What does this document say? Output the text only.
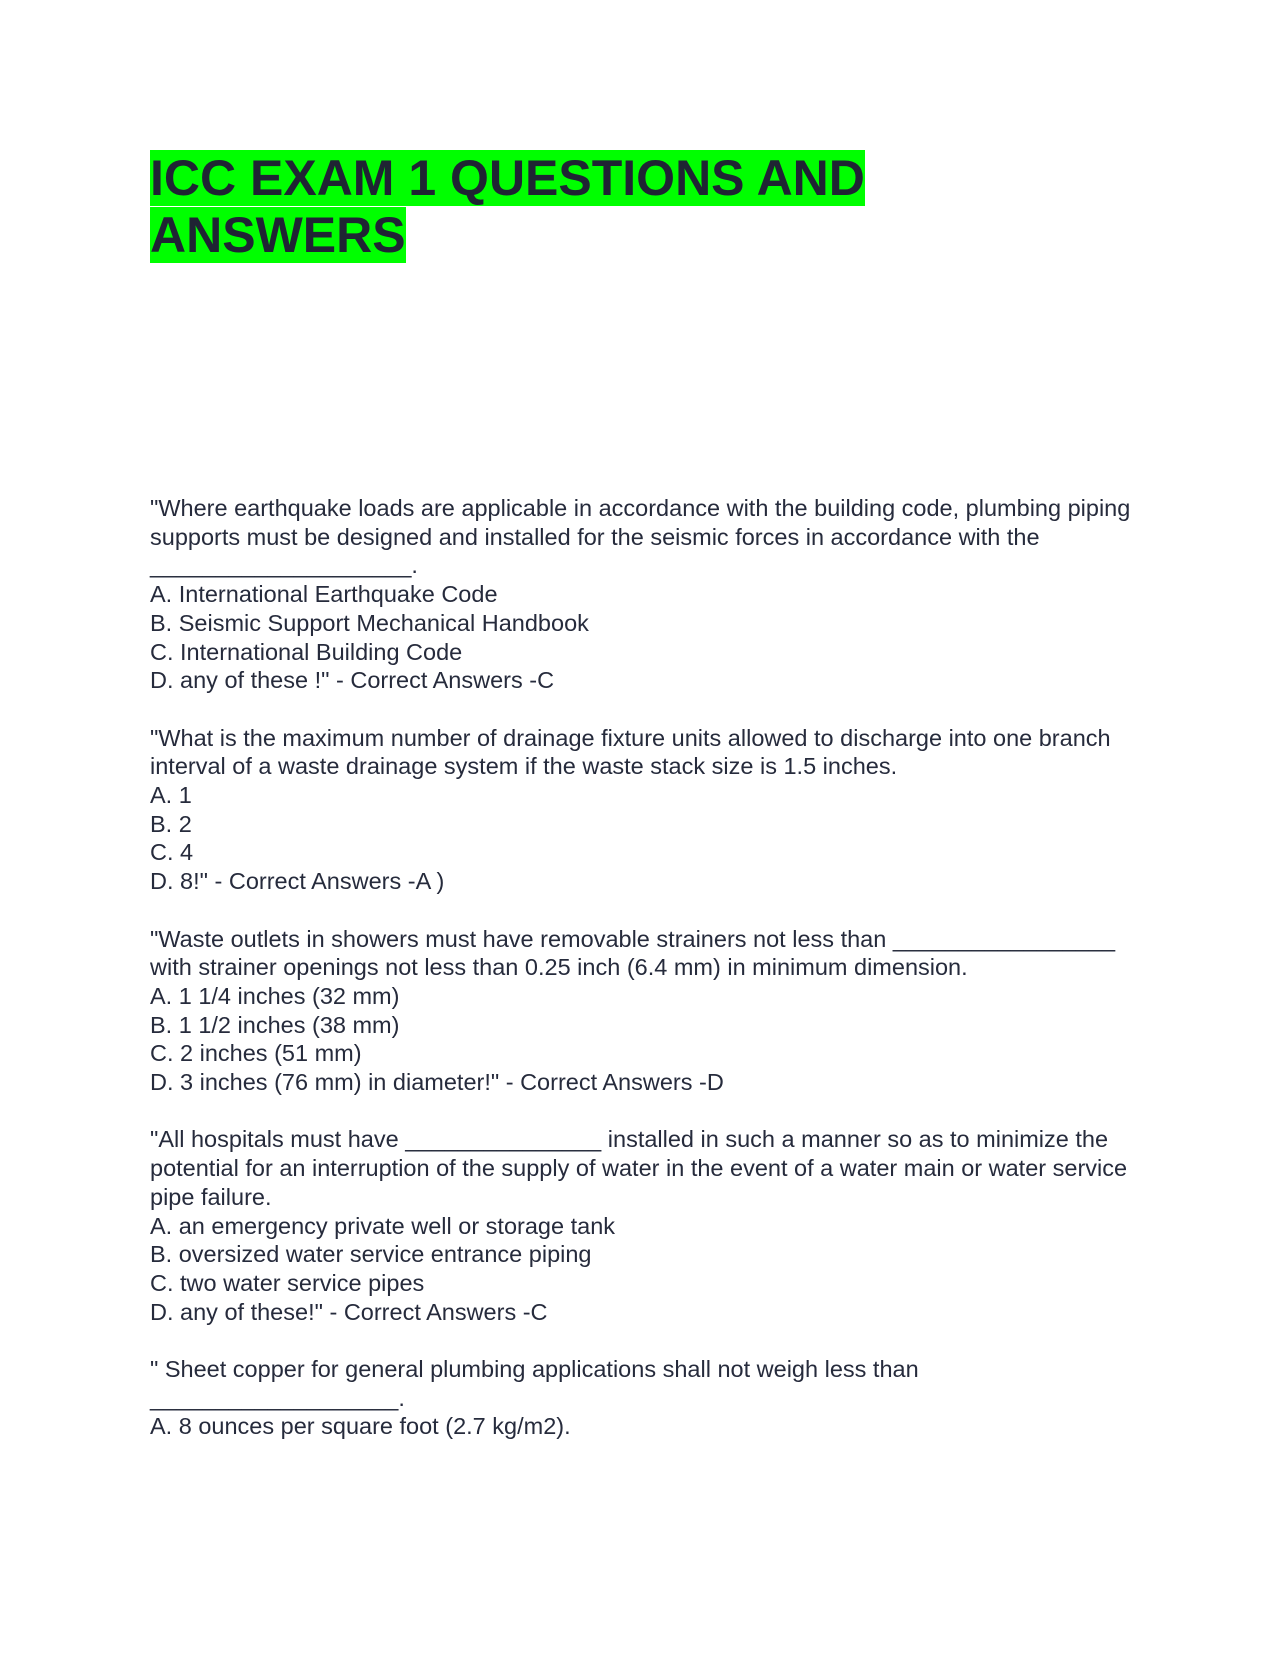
ICC EXAM 1 QUESTIONS AND
ANSWERS
"Where earthquake loads are applicable in accordance with the building code, plumbing piping supports must be designed and installed for the seismic forces in accordance with the ____________________.
A. International Earthquake Code
B. Seismic Support Mechanical Handbook
C. International Building Code
D. any of these !" - Correct Answers -C
"What is the maximum number of drainage fixture units allowed to discharge into one branch interval of a waste drainage system if the waste stack size is 1.5 inches.
A. 1
B. 2
C. 4
D. 8!" - Correct Answers -A )
"Waste outlets in showers must have removable strainers not less than _________________ with strainer openings not less than 0.25 inch (6.4 mm) in minimum dimension.
A. 1 1/4 inches (32 mm)
B. 1 1/2 inches (38 mm)
C. 2 inches (51 mm)
D. 3 inches (76 mm) in diameter!" - Correct Answers -D
"All hospitals must have _______________ installed in such a manner so as to minimize the potential for an interruption of the supply of water in the event of a water main or water service pipe failure.
A. an emergency private well or storage tank
B. oversized water service entrance piping
C. two water service pipes
D. any of these!" - Correct Answers -C
" Sheet copper for general plumbing applications shall not weigh less than ___________________.
A. 8 ounces per square foot (2.7 kg/m2).
